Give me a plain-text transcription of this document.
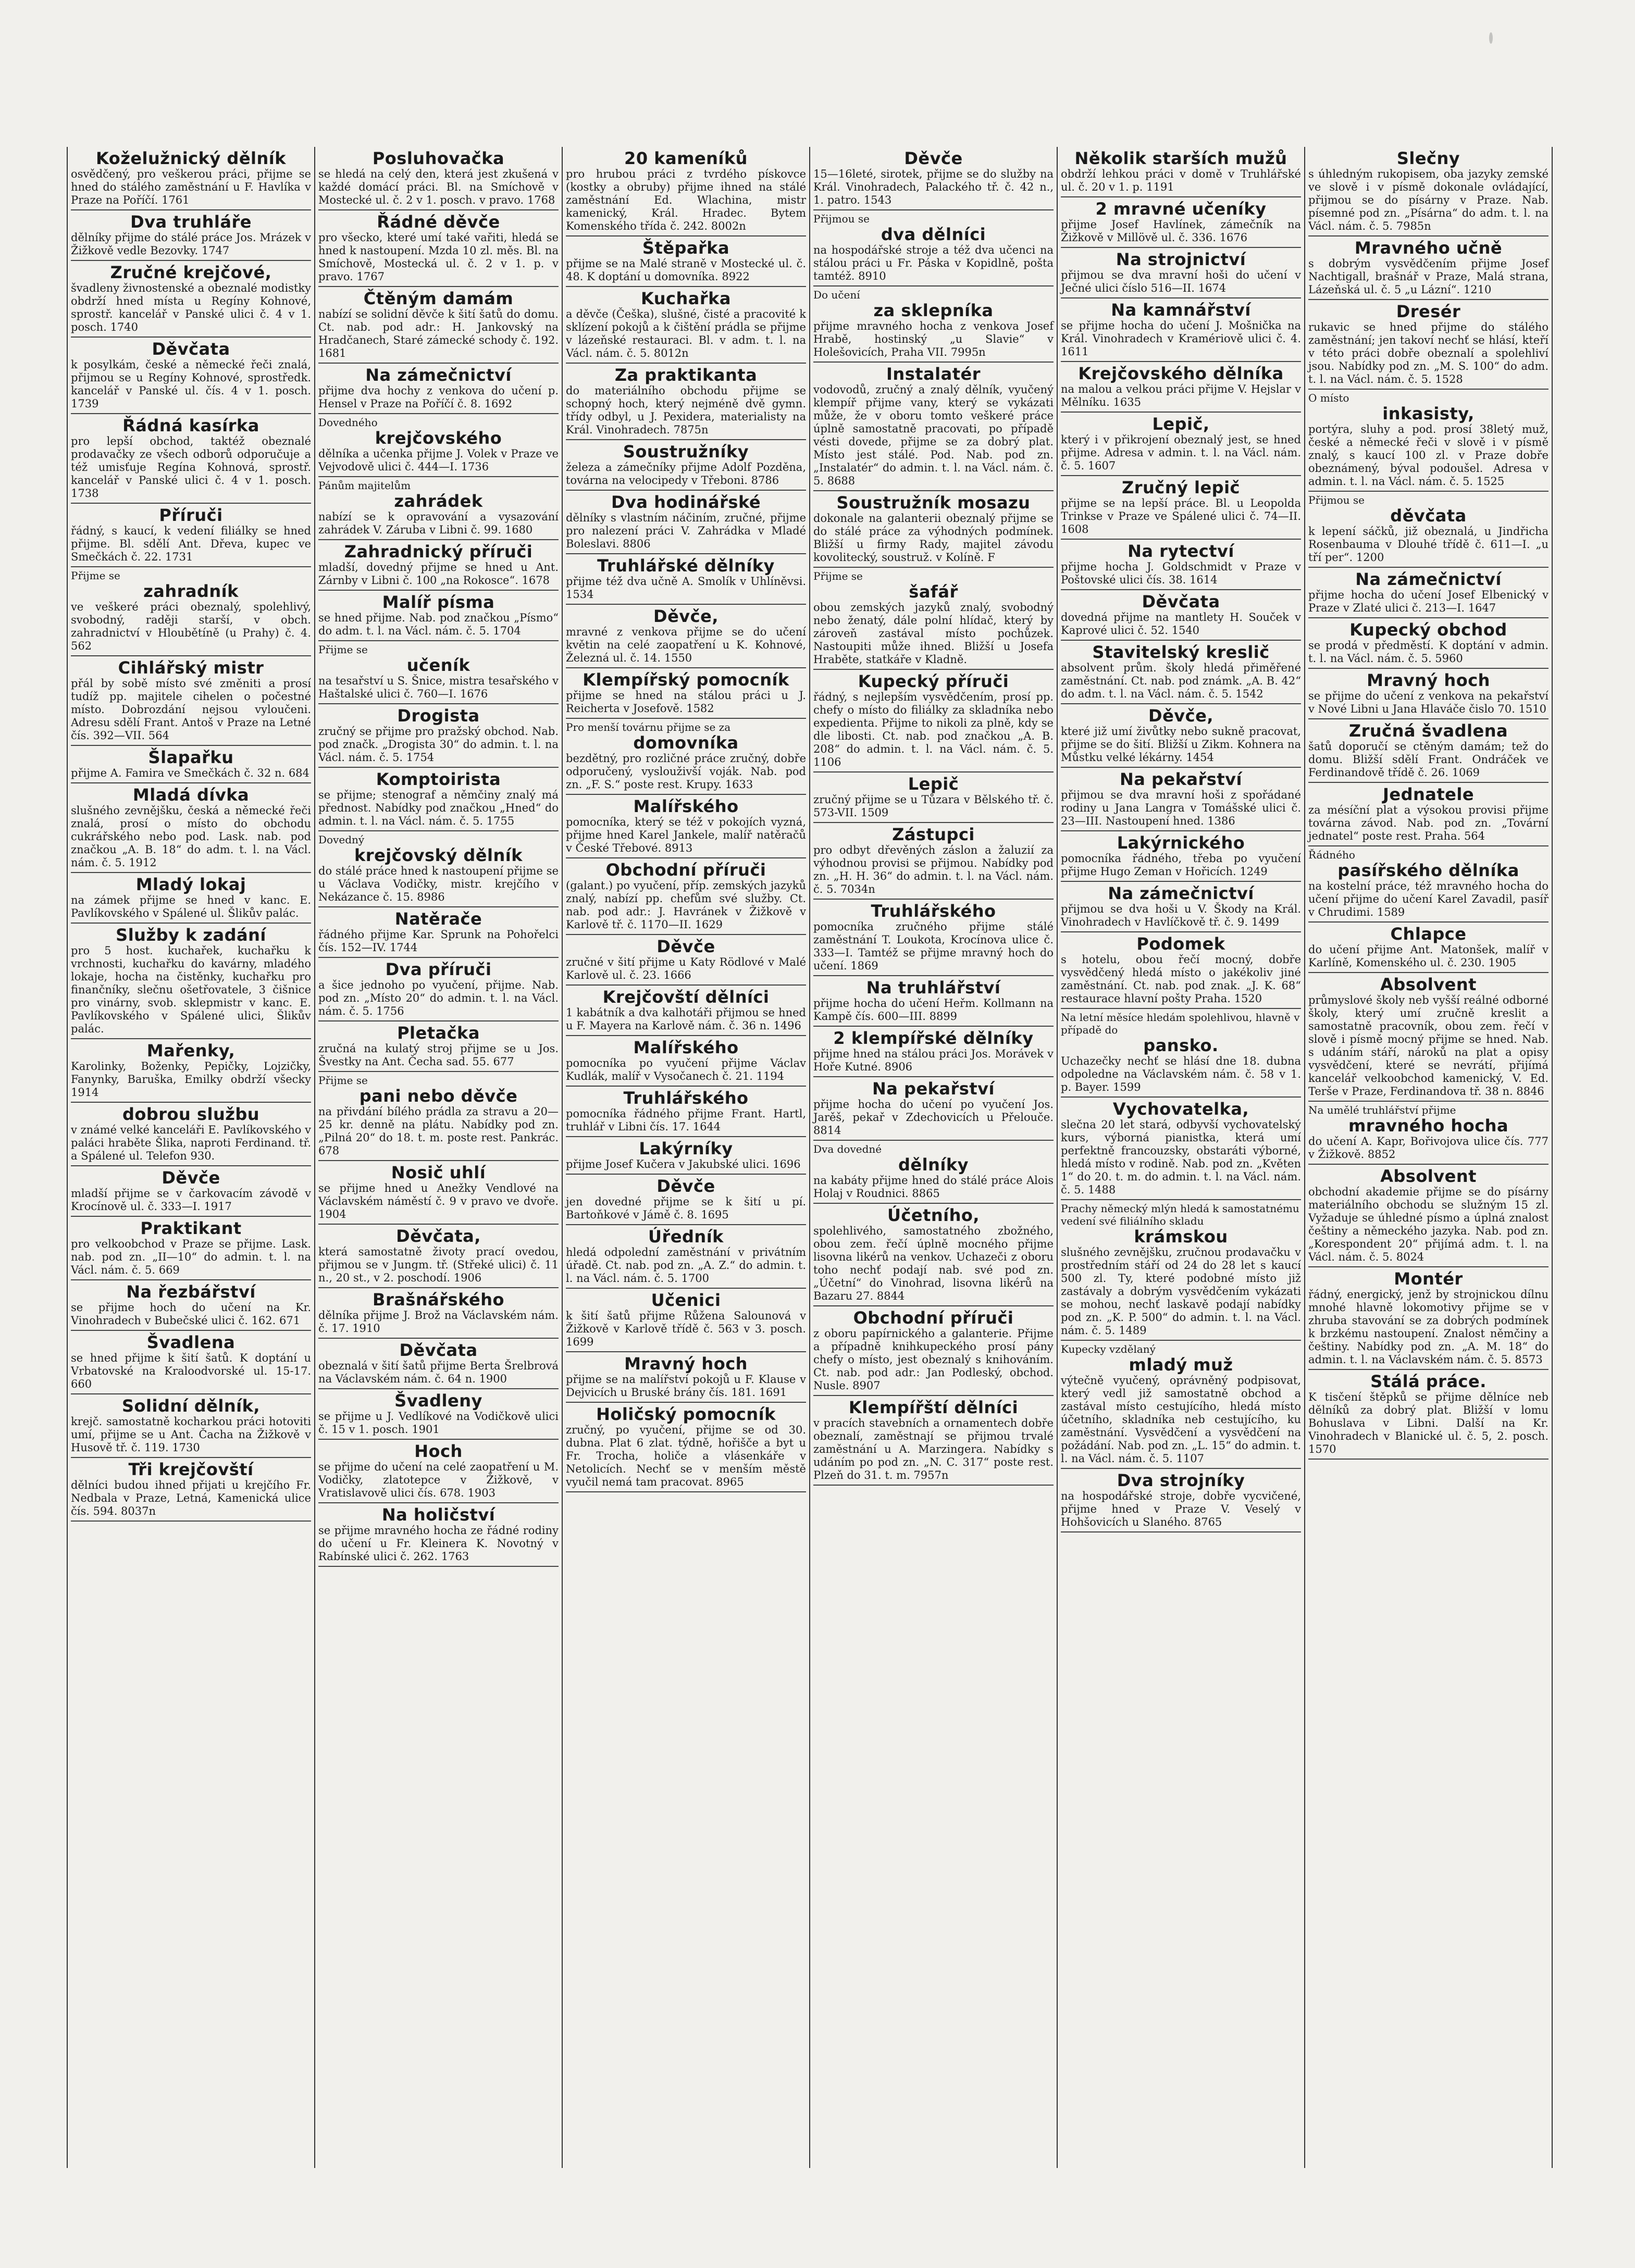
Koželužnický dělník

osvědčený, pro veškerou práci, přijme se hned do stálého zaměstnání u F. Havlíka v Praze na Poříčí. 1761

Dva truhláře

dělníky přijme do stálé práce Jos. Mrázek v Žižkově vedle Bezovky. 1747

Zručné krejčové,

švadleny živnostenské a obeznalé modistky obdrží hned místa u Regíny Kohnové, sprostř. kancelář v Panské ulici č. 4 v 1. posch. 1740

Děvčata

k posylkám, české a německé řeči znalá, přijmou se u Regíny Kohnové, sprostředk. kancelář v Panské ul. čís. 4 v 1. posch. 1739

Řádná kasírka

pro lepší obchod, taktéž obeznalé prodavačky ze všech odborů odporučuje a též umisťuje Regína Kohnová, sprostř. kancelář v Panské ulici č. 4 v 1. posch. 1738

Příruči

řádný, s kaucí, k vedení filiálky se hned přijme. Bl. sdělí Ant. Dřeva, kupec ve Smečkách č. 22. 1731

Přijme se

zahradník

ve veškeré práci obeznalý, spolehlivý, svobodný, raději starší, v obch. zahradnictví v Hloubětíně (u Prahy) č. 4. 562

Cihlářský mistr

přál by sobě místo své změniti a prosí tudíž pp. majitele cihelen o počestné místo. Dobrozdání nejsou vyloučeni. Adresu sdělí Frant. Antoš v Praze na Letné čís. 392—VII. 564

Šlapařku

přijme A. Famira ve Smečkách č. 32 n. 684

Mladá dívka

slušného zevnějšku, česká a německé řeči znalá, prosí o místo do obchodu cukrářského nebo pod. Lask. nab. pod značkou „A. B. 18“ do adm. t. l. na Václ. nám. č. 5. 1912

Mladý lokaj

na zámek přijme se hned v kanc. E. Pavlíkovského v Spálené ul. Šlikův palác.

Služby k zadání

pro 5 host. kuchařek, kuchařku k vrchnosti, kuchařku do kavárny, mladého lokaje, hocha na čistěnky, kuchařku pro finančníky, slečnu ošetřovatele, 3 čišnice pro vinárny, svob. sklepmistr v kanc. E. Pavlíkovského v Spálené ulici, Šlikův palác.

Mařenky,

Karolinky, Boženky, Pepičky, Lojzičky, Fanynky, Baruška, Emilky obdrží všecky 1914

dobrou službu

v známé velké kanceláři E. Pavlíkovského v paláci hraběte Šlika, naproti Ferdinand. tř. a Spálené ul. Telefon 930.

Děvče

mladší přijme se v čarkovacím závodě v Krocínově ul. č. 333—I. 1917

Praktikant

pro velkoobchod v Praze se přijme. Lask. nab. pod zn. „II—10“ do admin. t. l. na Václ. nám. č. 5. 669

Na řezbářství

se přijme hoch do učení na Kr. Vinohradech v Bubečské ulici č. 162. 671

Švadlena

se hned přijme k šití šatů. K doptání u Vrbatovské na Kraloodvorské ul. 15-17. 660

Solidní dělník,

krejč. samostatně kocharkou práci hotoviti umí, přijme se u Ant. Čacha na Žižkově v Husově tř. č. 119. 1730

Tři krejčovští

dělníci budou ihned přijati u krejčího Fr. Nedbala v Praze, Letná, Kamenická ulice čís. 594. 8037n

Posluhovačka

se hledá na celý den, která jest zkušená v každé domácí práci. Bl. na Smíchově v Mostecké ul. č. 2 v 1. posch. v pravo. 1768

Řádné děvče

pro všecko, které umí také vařiti, hledá se hned k nastoupení. Mzda 10 zl. měs. Bl. na Smíchově, Mostecká ul. č. 2 v 1. p. v pravo. 1767

Čtěným damám

nabízí se solidní děvče k šití šatů do domu. Ct. nab. pod adr.: H. Jankovský na Hradčanech, Staré zámecké schody č. 192. 1681

Na zámečnictví

přijme dva hochy z venkova do učení p. Hensel v Praze na Poříčí č. 8. 1692

Dovedného

krejčovského

dělníka a učenka přijme J. Volek v Praze ve Vejvodově ulici č. 444—I. 1736

Pánům majitelům

zahrádek

nabízí se k opravování a vysazování zahrádek V. Záruba v Libni č. 99. 1680

Zahradnický příruči

mladší, dovedný přijme se hned u Ant. Zárnby v Libni č. 100 „na Rokosce“. 1678

Malíř písma

se hned přijme. Nab. pod značkou „Písmo“ do adm. t. l. na Václ. nám. č. 5. 1704

Přijme se

učeník

na tesařství u S. Šnice, mistra tesařského v Haštalské ulici č. 760—I. 1676

Drogista

zručný se přijme pro pražský obchod. Nab. pod značk. „Drogista 30“ do admin. t. l. na Václ. nám. č. 5. 1754

Komptoirista

se přijme; stenograf a němčiny znalý má přednost. Nabídky pod značkou „Hned“ do admin. t. l. na Václ. nám. č. 5. 1755

Dovedný

krejčovský dělník

do stálé práce hned k nastoupení přijme se u Václava Vodičky, mistr. krejčího v Nekázance č. 15. 8986

Natěrače

řádného přijme Kar. Sprunk na Pohořelci čís. 152—IV. 1744

Dva příruči

a šice jednoho po vyučení, přijme. Nab. pod zn. „Místo 20“ do admin. t. l. na Václ. nám. č. 5. 1756

Pletačka

zručná na kulatý stroj přijme se u Jos. Švestky na Ant. Čecha sad. 55. 677

Přijme se

pani nebo děvče

na přivdání bílého prádla za stravu a 20—25 kr. denně na plátu. Nabídky pod zn. „Pilná 20“ do 18. t. m. poste rest. Pankrác. 678

Nosič uhlí

se přijme hned u Anežky Vendlové na Václavském náměstí č. 9 v pravo ve dvoře. 1904

Děvčata,

která samostatně životy prací ovedou, přijmou se v Jungm. tř. (Střeké ulici) č. 11 n., 20 st., v 2. poschodí. 1906

Brašnářského

dělníka přijme J. Brož na Václavském nám. č. 17. 1910

Děvčata

obeznalá v šití šatů přijme Berta Šrelbrová na Václavském nám. č. 64 n. 1900

Švadleny

se přijme u J. Vedlíkové na Vodičkově ulici č. 15 v 1. posch. 1901

Hoch

se přijme do učení na celé zaopatření u M. Vodičky, zlatotepce v Žižkově, v Vratislavově ulici čís. 678. 1903

Na holičství

se přijme mravného hocha ze řádné rodiny do učení u Fr. Kleinera K. Novotný v Rabínské ulici č. 262. 1763

20 kameníků

pro hrubou práci z tvrdého pískovce (kostky a obruby) přijme ihned na stálé zaměstnání Ed. Wlachina, mistr kamenický, Král. Hradec. Bytem Komenského třída č. 242. 8002n

Štěpařka

přijme se na Malé straně v Mostecké ul. č. 48. K doptání u domovníka. 8922

Kuchařka

a děvče (Češka), slušné, čisté a pracovité k sklízení pokojů a k čištění prádla se přijme v lázeňské restauraci. Bl. v adm. t. l. na Václ. nám. č. 5. 8012n

Za praktikanta

do materiálního obchodu přijme se schopný hoch, který nejméně dvě gymn. třídy odbyl, u J. Pexidera, materialisty na Král. Vinohradech. 7875n

Soustružníky

železa a zámečníky přijme Adolf Pozděna, továrna na velocipedy v Třeboni. 8786

Dva hodinářské

dělníky s vlastním náčiním, zručné, přijme pro nalezení práci V. Zahrádka v Mladé Boleslavi. 8806

Truhlářské dělníky

přijme též dva učně A. Smolík v Uhlíněvsi. 1534

Děvče,

mravné z venkova přijme se do učení květin na celé zaopatření u K. Kohnové, Železná ul. č. 14. 1550

Klempířský pomocník

přijme se hned na stálou práci u J. Reicherta v Josefově. 1582

Pro menší továrnu přijme se za

domovníka

bezdětný, pro rozličné práce zručný, dobře odporučený, vyslouživší voják. Nab. pod zn. „F. S.“ poste rest. Krupy. 1633

Malířského

pomocníka, který se též v pokojích vyzná, přijme hned Karel Jankele, malíř natěračů v České Třebové. 8913

Obchodní příruči

(galant.) po vyučení, příp. zemských jazyků znalý, nabízí pp. chefům své služby. Ct. nab. pod adr.: J. Havránek v Žižkově v Karlově tř. č. 1170—II. 1629

Děvče

zručné v šití přijme u Katy Rödlové v Malé Karlově ul. č. 23. 1666

Krejčovští dělníci

1 kabátník a dva kalhotáři přijmou se hned u F. Mayera na Karlově nám. č. 36 n. 1496

Malířského

pomocníka po vyučení přijme Václav Kudlák, malíř v Vysočanech č. 21. 1194

Truhlářského

pomocníka řádného přijme Frant. Hartl, truhlář v Libni čís. 17. 1644

Lakýrníky

přijme Josef Kučera v Jakubské ulici. 1696

Děvče

jen dovedné přijme se k šití u pí. Bartoňkové v Jámě č. 8. 1695

Úředník

hledá odpolední zaměstnání v privátním úřadě. Ct. nab. pod zn. „A. Z.“ do admin. t. l. na Václ. nám. č. 5. 1700

Učenici

k šití šatů přijme Růžena Salounová v Žižkově v Karlově třídě č. 563 v 3. posch. 1699

Mravný hoch

přijme se na malířství pokojů u F. Klause v Dejvicích u Bruské brány čís. 181. 1691

Holičský pomocník

zručný, po vyučení, přijme se od 30. dubna. Plat 6 zlat. týdně, hořišče a byt u Fr. Trocha, holiče a vlásenkáře v Netolicích. Nechť se v menším městě vyučil nemá tam pracovat. 8965

Děvče

15—16leté, sirotek, přijme se do služby na Král. Vinohradech, Palackého tř. č. 42 n., 1. patro. 1543

Přijmou se

dva dělníci

na hospodářské stroje a též dva učenci na stálou práci u Fr. Páska v Kopidlně, pošta tamtéž. 8910

Do učení

za sklepníka

přijme mravného hocha z venkova Josef Hrabě, hostinský „u Slavie“ v Holešovicích, Praha VII. 7995n

Instalatér

vodovodů, zručný a znalý dělník, vyučený klempíř přijme vany, který se vykázati může, že v oboru tomto veškeré práce úplně samostatně pracovati, po případě vésti dovede, přijme se za dobrý plat. Místo jest stálé. Pod. Nab. pod zn. „Instalatér“ do admin. t. l. na Václ. nám. č. 5. 8688

Soustružník mosazu

dokonale na galanterii obeznalý přijme se do stálé práce za výhodných podmínek. Bližší u firmy Rady, majitel závodu kovolitecký, soustruž. v Kolíně. F

Přijme se

šafář

obou zemských jazyků znalý, svobodný nebo ženatý, dále polní hlídač, který by zároveň zastával místo pochůzek. Nastoupiti může ihned. Bližší u Josefa Hraběte, statkáře v Kladně.

Kupecký příruči

řádný, s nejlepším vysvědčením, prosí pp. chefy o místo do filiálky za skladníka nebo expedienta. Přijme to nikoli za plně, kdy se dle libosti. Ct. nab. pod značkou „A. B. 208“ do admin. t. l. na Václ. nám. č. 5. 1106

Lepič

zručný přijme se u Tůzara v Bělského tř. č. 573-VII. 1509

Zástupci

pro odbyt dřevěných záslon a žaluzií za výhodnou provisi se přijmou. Nabídky pod zn. „H. H. 36“ do admin. t. l. na Václ. nám. č. 5. 7034n

Truhlářského

pomocníka zručného přijme stálé zaměstnání T. Loukota, Krocínova ulice č. 333—I. Tamtéž se přijme mravný hoch do učení. 1869

Na truhlářství

přijme hocha do učení Heřm. Kollmann na Kampě čís. 600—III. 8899

2 klempířské dělníky

přijme hned na stálou práci Jos. Morávek v Hoře Kutné. 8906

Na pekařství

přijme hocha do učení po vyučení Jos. Jarěš, pekař v Zdechovicích u Přelouče. 8814

Dva dovedné

dělníky

na kabáty přijme hned do stálé práce Alois Holaj v Roudnici. 8865

Účetního,

spolehlivého, samostatného zbožného, obou zem. řečí úplně mocného přijme lisovna likérů na venkov. Uchazeči z oboru toho nechť podají nab. své pod zn. „Účetní“ do Vinohrad, lisovna likérů na Bazaru 27. 8844

Obchodní příruči

z oboru papírnického a galanterie. Přijme a případně knihkupeckého prosí pány chefy o místo, jest obeznalý s knihováním. Ct. nab. pod adr.: Jan Podleský, obchod. Nusle. 8907

Klempířští dělníci

v pracích stavebních a ornamentech dobře obeznalí, zaměstnají se přijmou trvalé zaměstnání u A. Marzingera. Nabídky s udáním po pod zn. „N. C. 317“ poste rest. Plzeň do 31. t. m. 7957n

Několik starších mužů

obdrží lehkou práci v domě v Truhlářské ul. č. 20 v 1. p. 1191

2 mravné učeníky

přijme Josef Havlínek, zámečník na Žižkově v Millövě ul. č. 336. 1676

Na strojnictví

přijmou se dva mravní hoši do učení v Ječné ulici číslo 516—II. 1674

Na kamnářství

se přijme hocha do učení J. Mošnička na Král. Vinohradech v Kramériově ulici č. 4. 1611

Krejčovského dělníka

na malou a velkou práci přijme V. Hejslar v Mělníku. 1635

Lepič,

který i v přikrojení obeznalý jest, se hned přijme. Adresa v admin. t. l. na Václ. nám. č. 5. 1607

Zručný lepič

přijme se na lepší práce. Bl. u Leopolda Trinkse v Praze ve Spálené ulici č. 74—II. 1608

Na rytectví

přijme hocha J. Goldschmidt v Praze v Poštovské ulici čís. 38. 1614

Děvčata

dovedná přijme na mantlety H. Souček v Kaprové ulici č. 52. 1540

Stavitelský kreslič

absolvent prům. školy hledá přiměřené zaměstnání. Ct. nab. pod známk. „A. B. 42“ do adm. t. l. na Václ. nám. č. 5. 1542

Děvče,

které již umí živůtky nebo sukně pracovat, přijme se do šití. Bližší u Zikm. Kohnera na Můstku velké lékárny. 1454

Na pekařství

přijmou se dva mravní hoši z spořádané rodiny u Jana Langra v Tomášské ulici č. 23—III. Nastoupení hned. 1386

Lakýrnického

pomocníka řádného, třeba po vyučení přijme Hugo Zeman v Hořicích. 1249

Na zámečnictví

přijmou se dva hoši u V. Škody na Král. Vinohradech v Havlíčkově tř. č. 9. 1499

Podomek

s hotelu, obou řečí mocný, dobře vysvědčený hledá místo o jakékoliv jiné zaměstnání. Ct. nab. pod znak. „J. K. 68“ restaurace hlavní pošty Praha. 1520

Na letní měsíce hledám spolehlivou, hlavně v případě do

pansko.

Uchazečky nechť se hlásí dne 18. dubna odpoledne na Václavském nám. č. 58 v 1. p. Bayer. 1599

Vychovatelka,

slečna 20 let stará, odbyvší vychovatelský kurs, výborná pianistka, která umí perfektně francouzsky, obstaráti výborné, hledá místo v rodině. Nab. pod zn. „Květen 1“ do 20. t. m. do admin. t. l. na Václ. nám. č. 5. 1488

Prachy německý mlýn hledá k samostatnému vedení své filiálního skladu

krámskou

slušného zevnějšku, zručnou prodavačku v prostředním stáří od 24 do 28 let s kaucí 500 zl. Ty, které podobné místo již zastávaly a dobrým vysvědčením vykázati se mohou, nechť laskavě podají nabídky pod zn. „K. P. 500“ do admin. t. l. na Václ. nám. č. 5. 1489

Kupecky vzdělaný

mladý muž

výtečně vyučený, oprávněný podpisovat, který vedl již samostatně obchod a zastával místo cestujícího, hledá místo účetního, skladníka neb cestujícího, ku zaměstnání. Vysvědčení a vysvědčení na požádání. Nab. pod zn. „L. 15“ do admin. t. l. na Václ. nám. č. 5. 1107

Dva strojníky

na hospodářské stroje, dobře vycvičené, přijme hned v Praze V. Veselý v Hohšovicích u Slaného. 8765

Slečny

s úhledným rukopisem, oba jazyky zemské ve slově i v písmě dokonale ovládající, přijmou se do písárny v Praze. Nab. písemné pod zn. „Písárna“ do adm. t. l. na Václ. nám. č. 5. 7985n

Mravného učně

s dobrým vysvědčením přijme Josef Nachtigall, brašnář v Praze, Malá strana, Lázeňská ul. č. 5 „u Lázní“. 1210

Dresér

rukavic se hned přijme do stálého zaměstnání; jen takoví nechť se hlásí, kteří v této práci dobře obeznalí a spolehliví jsou. Nabídky pod zn. „M. S. 100“ do adm. t. l. na Václ. nám. č. 5. 1528

O místo

inkasisty,

portýra, sluhy a pod. prosí 38letý muž, české a německé řeči v slově i v písmě znalý, s kaucí 100 zl. v Praze dobře obeznámený, býval podoušel. Adresa v admin. t. l. na Václ. nám. č. 5. 1525

Přijmou se

děvčata

k lepení sáčků, již obeznalá, u Jindřicha Rosenbauma v Dlouhé třídě č. 611—I. „u tří per“. 1200

Na zámečnictví

přijme hocha do učení Josef Elbenický v Praze v Zlaté ulici č. 213—I. 1647

Kupecký obchod

se prodá v předměstí. K doptání v admin. t. l. na Václ. nám. č. 5. 5960

Mravný hoch

se přijme do učení z venkova na pekařství v Nové Libni u Jana Hlaváče čislo 70. 1510

Zručná švadlena

šatů doporučí se ctěným damám; tež do domu. Bližší sdělí Frant. Ondráček ve Ferdinandově třídě č. 26. 1069

Jednatele

za mésíční plat a výsokou provisi přijme továrna závod. Nab. pod zn. „Tovární jednatel“ poste rest. Praha. 564

Řádného

pasířského dělníka

na kostelní práce, též mravného hocha do učení přijme do učení Karel Zavadil, pasíř v Chrudimi. 1589

Chlapce

do učení přijme Ant. Matonšek, malíř v Karlíně, Komenského ul. č. 230. 1905

Absolvent

průmyslové školy neb vyšší reálné odborné školy, který umí zručně kreslit a samostatně pracovník, obou zem. řečí v slově i písmě mocný přijme se hned. Nab. s udáním stáří, nároků na plat a opisy vysvědčení, které se nevrátí, přijímá kancelář velkoobchod kamenický, V. Ed. Terše v Praze, Ferdinandova tř. 38 n. 8846

Na umělé truhlářství přijme

mravného hocha

do učení A. Kapr, Bořivojova ulice čís. 777 v Žižkově. 8852

Absolvent

obchodní akademie přijme se do písárny materiálního obchodu se služným 15 zl. Vyžaduje se úhledné písmo a úplná znalost češtiny a německého jazyka. Nab. pod zn. „Korespondent 20“ přijímá adm. t. l. na Václ. nám. č. 5. 8024

Montér

řádný, energický, jenž by strojnickou dílnu mnohé hlavně lokomotivy přijme se v zhruba stavování se za dobrých podmínek k brzkému nastoupení. Znalost němčiny a češtiny. Nabídky pod zn. „A. M. 18“ do admin. t. l. na Václavském nám. č. 5. 8573

Stálá práce.

K tisčení štěpků se přijme dělníce neb dělníků za dobrý plat. Bližší v lomu Bohuslava v Libni. Další na Kr. Vinohradech v Blanické ul. č. 5, 2. posch. 1570
